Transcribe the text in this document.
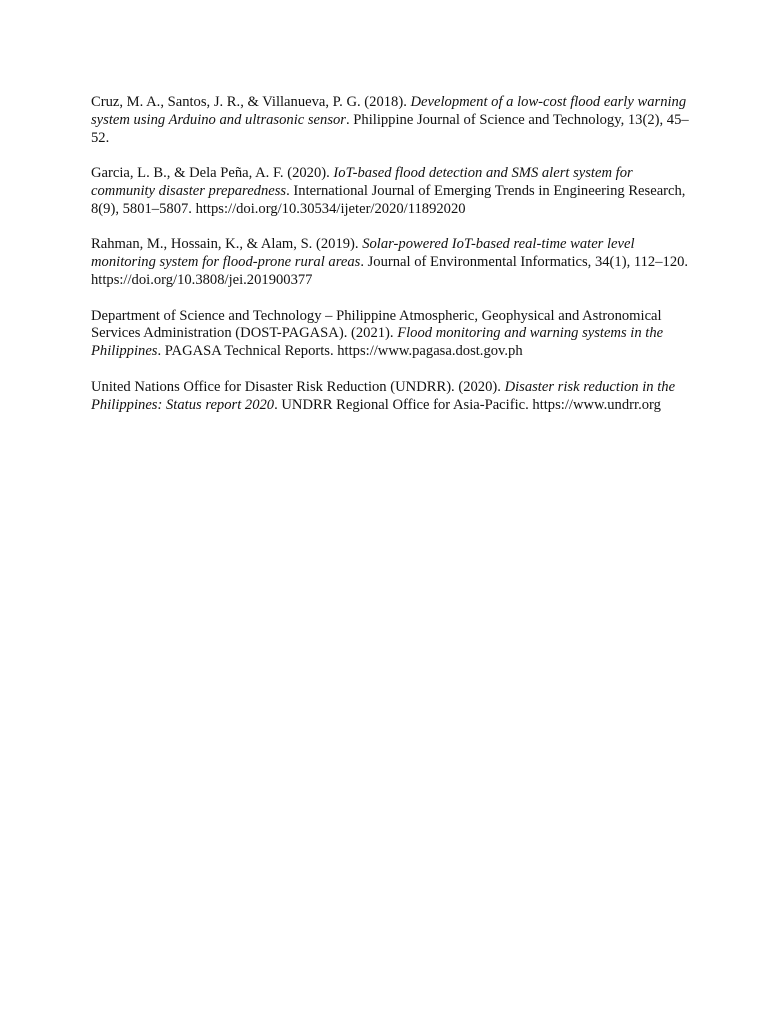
Cruz, M. A., Santos, J. R., & Villanueva, P. G. (2018). Development of a low-cost flood early warning system using Arduino and ultrasonic sensor. Philippine Journal of Science and Technology, 13(2), 45–52.

Garcia, L. B., & Dela Peña, A. F. (2020). IoT-based flood detection and SMS alert system for community disaster preparedness. International Journal of Emerging Trends in Engineering Research, 8(9), 5801–5807. https://doi.org/10.30534/ijeter/2020/11892020

Rahman, M., Hossain, K., & Alam, S. (2019). Solar-powered IoT-based real-time water level monitoring system for flood-prone rural areas. Journal of Environmental Informatics, 34(1), 112–120. https://doi.org/10.3808/jei.201900377

Department of Science and Technology – Philippine Atmospheric, Geophysical and Astronomical Services Administration (DOST-PAGASA). (2021). Flood monitoring and warning systems in the Philippines. PAGASA Technical Reports. https://www.pagasa.dost.gov.ph

United Nations Office for Disaster Risk Reduction (UNDRR). (2020). Disaster risk reduction in the Philippines: Status report 2020. UNDRR Regional Office for Asia-Pacific. https://www.undrr.org
